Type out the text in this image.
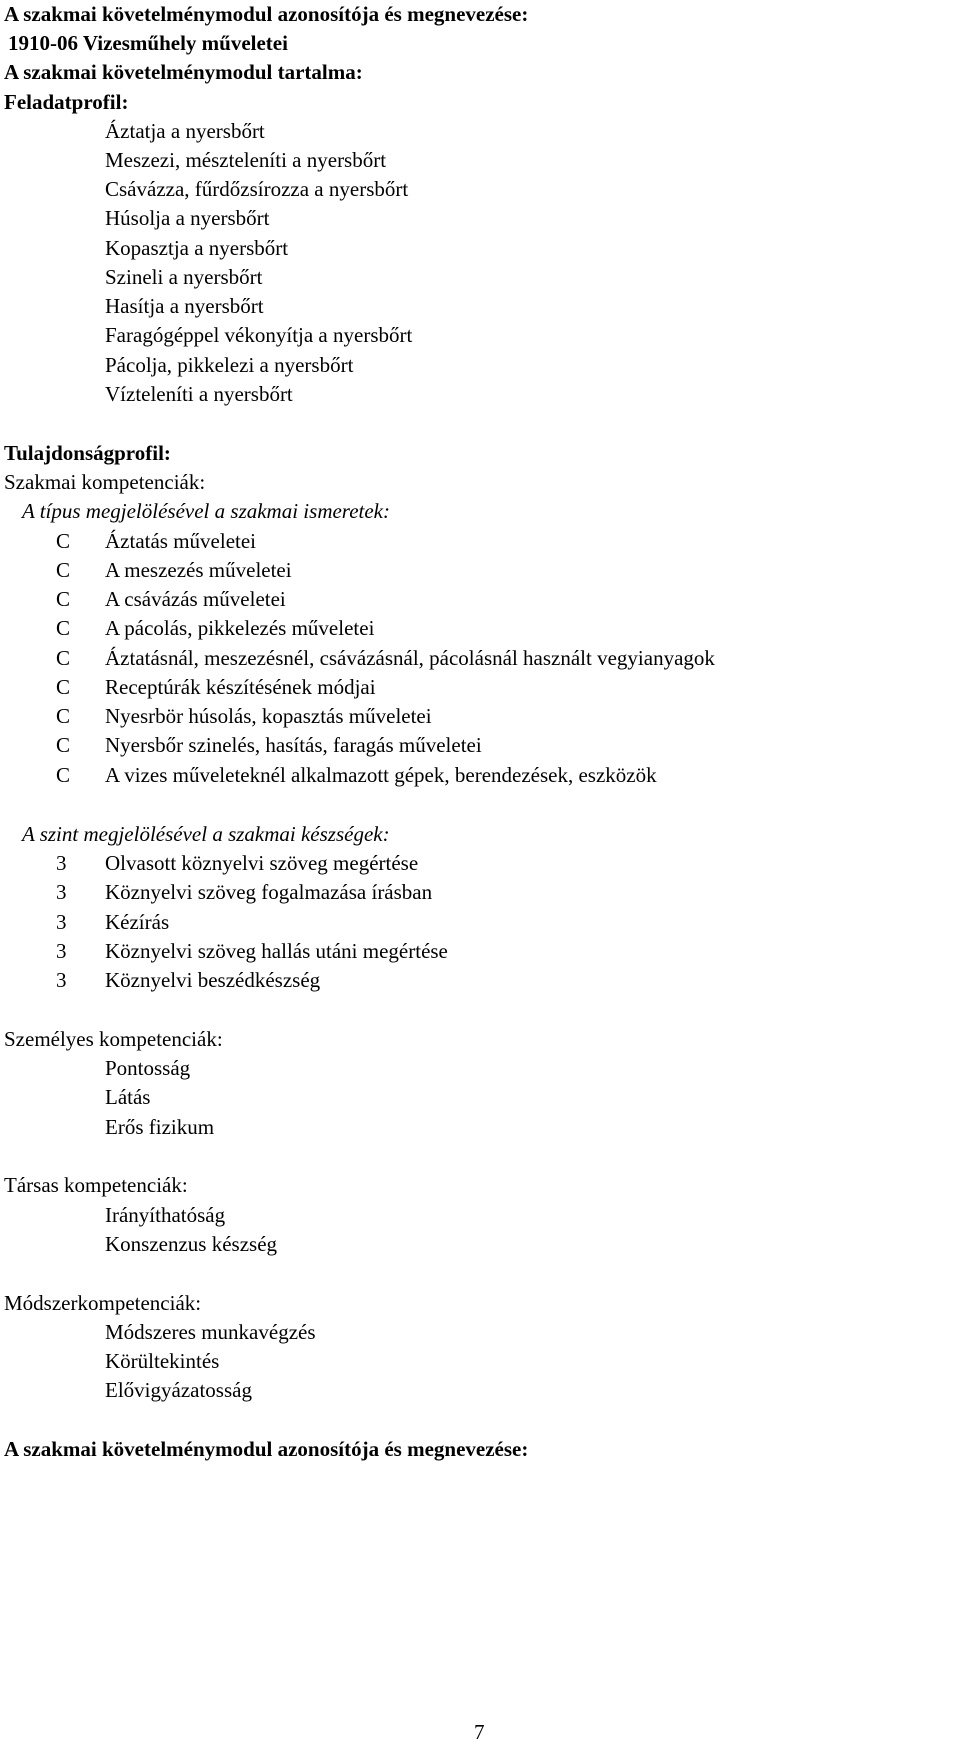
A szakmai követelménymodul azonosítója és megnevezése:
1910-06 Vizesműhely műveletei
A szakmai követelménymodul tartalma:
Feladatprofil:
Áztatja a nyersbőrt
Meszezi, mészteleníti a nyersbőrt
Csávázza, fűrdőzsírozza a nyersbőrt
Húsolja a nyersbőrt
Kopasztja a nyersbőrt
Szineli a nyersbőrt
Hasítja a nyersbőrt
Faragógéppel vékonyítja a nyersbőrt
Pácolja, pikkelezi a nyersbőrt
Vízteleníti a nyersbőrt
Tulajdonságprofil:
Szakmai kompetenciák:
A típus megjelölésével a szakmai ismeretek:
C Áztatás műveletei
C A meszezés műveletei
C A csávázás műveletei
C A pácolás, pikkelezés műveletei
C Áztatásnál, meszezésnél, csávázásnál, pácolásnál használt vegyianyagok
C Receptúrák készítésének módjai
C Nyesrbör húsolás, kopasztás műveletei
C Nyersbőr szinelés, hasítás, faragás műveletei
C A vizes műveleteknél alkalmazott gépek, berendezések, eszközök
A szint megjelölésével a szakmai készségek:
3 Olvasott köznyelvi szöveg megértése
3 Köznyelvi szöveg fogalmazása írásban
3 Kézírás
3 Köznyelvi szöveg hallás utáni megértése
3 Köznyelvi beszédkészség
Személyes kompetenciák:
Pontosság
Látás
Erős fizikum
Társas kompetenciák:
Irányíthatóság
Konszenzus készség
Módszerkompetenciák:
Módszeres munkavégzés
Körültekintés
Elővigyázatosság
A szakmai követelménymodul azonosítója és megnevezése:
7
